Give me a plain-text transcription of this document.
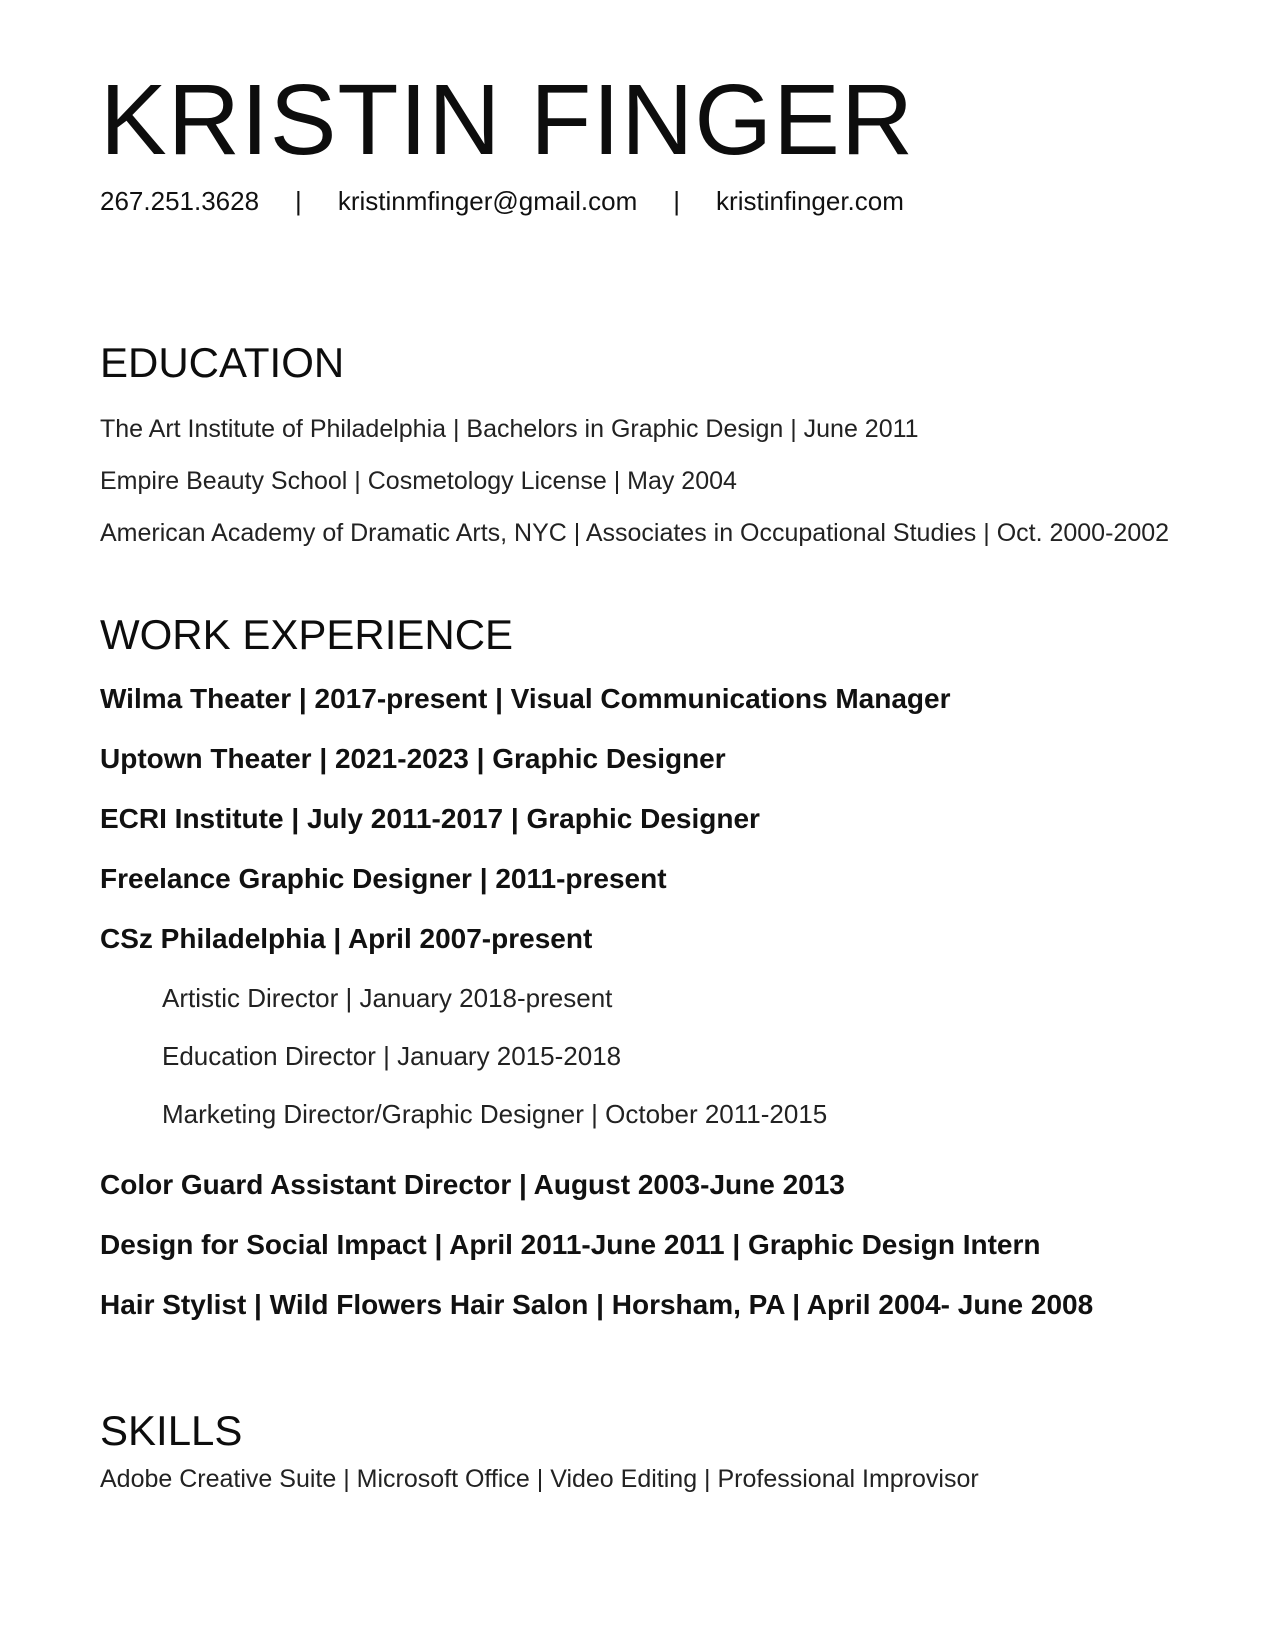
KRISTIN FINGER
267.251.3628 | kristinmfinger@gmail.com | kristinfinger.com
EDUCATION
The Art Institute of Philadelphia | Bachelors in Graphic Design | June 2011
Empire Beauty School | Cosmetology License | May 2004
American Academy of Dramatic Arts, NYC | Associates in Occupational Studies | Oct. 2000-2002
WORK EXPERIENCE
Wilma Theater | 2017-present | Visual Communications Manager
Uptown Theater | 2021-2023 | Graphic Designer
ECRI Institute | July 2011-2017 | Graphic Designer
Freelance Graphic Designer | 2011-present
CSz Philadelphia | April 2007-present
Artistic Director | January 2018-present
Education Director | January 2015-2018
Marketing Director/Graphic Designer | October 2011-2015
Color Guard Assistant Director | August 2003-June 2013
Design for Social Impact | April 2011-June 2011 | Graphic Design Intern
Hair Stylist | Wild Flowers Hair Salon | Horsham, PA | April 2004- June 2008
SKILLS
Adobe Creative Suite | Microsoft Office | Video Editing | Professional Improvisor
